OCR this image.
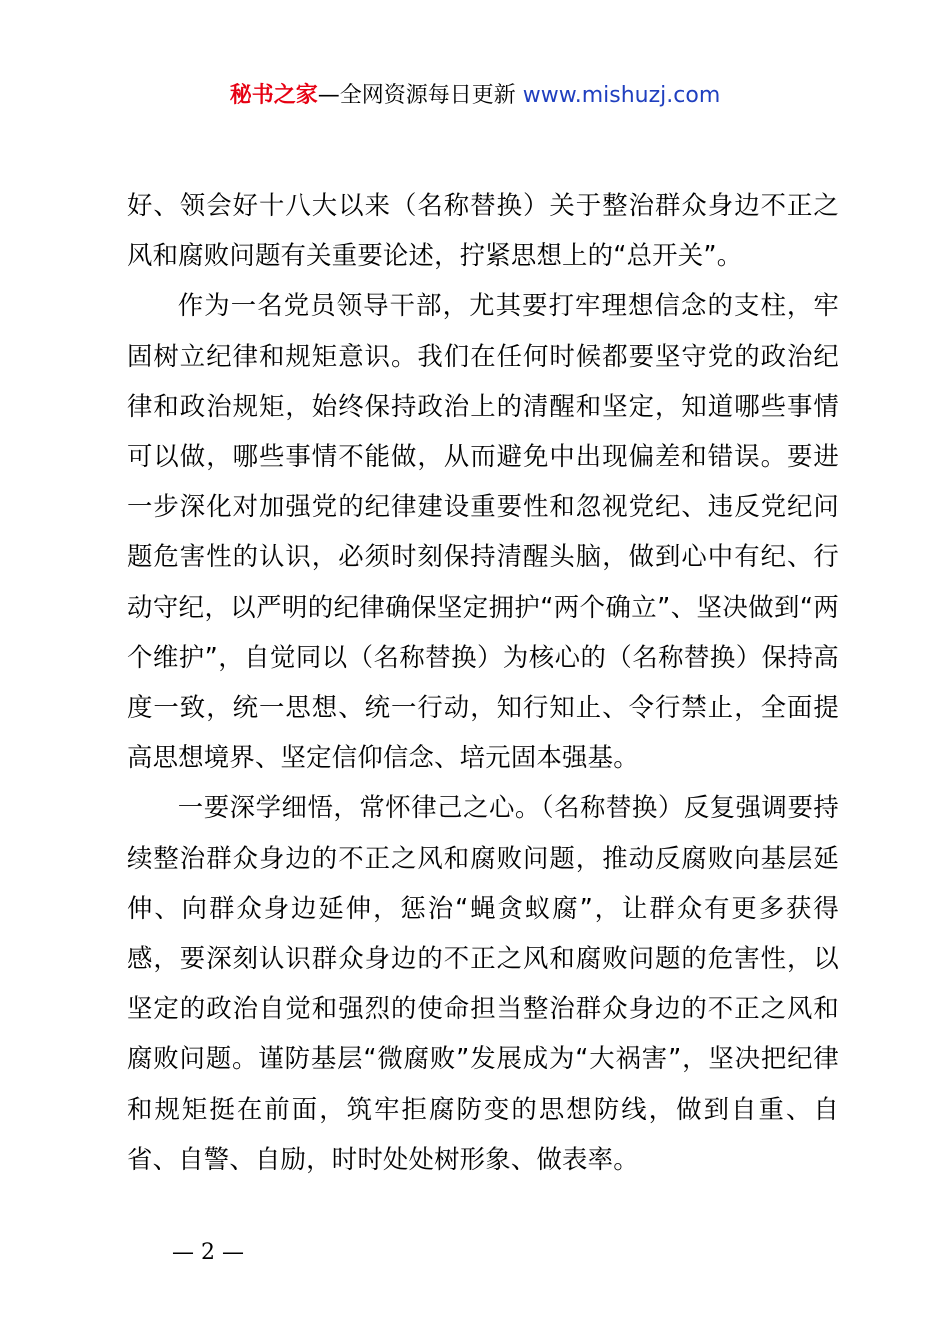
秘书之家—全网资源每日更新 www.mishuzj.com

好、领会好十八大以来（名称替换）关于整治群众身边不正之风和腐败问题有关重要论述，拧紧思想上的“总开关”。

作为一名党员领导干部，尤其要打牢理想信念的支柱，牢固树立纪律和规矩意识。我们在任何时候都要坚守党的政治纪律和政治规矩，始终保持政治上的清醒和坚定，知道哪些事情可以做，哪些事情不能做，从而避免中出现偏差和错误。要进一步深化对加强党的纪律建设重要性和忽视党纪、违反党纪问题危害性的认识，必须时刻保持清醒头脑，做到心中有纪、行动守纪，以严明的纪律确保坚定拥护“两个确立”、坚决做到“两个维护”，自觉同以（名称替换）为核心的（名称替换）保持高度一致，统一思想、统一行动，知行知止、令行禁止，全面提高思想境界、坚定信仰信念、培元固本强基。

一要深学细悟，常怀律己之心。（名称替换）反复强调要持续整治群众身边的不正之风和腐败问题，推动反腐败向基层延伸、向群众身边延伸，惩治“蝇贪蚁腐”，让群众有更多获得感，要深刻认识群众身边的不正之风和腐败问题的危害性，以坚定的政治自觉和强烈的使命担当整治群众身边的不正之风和腐败问题。谨防基层“微腐败”发展成为“大祸害”，坚决把纪律和规矩挺在前面，筑牢拒腐防变的思想防线，做到自重、自省、自警、自励，时时处处树形象、做表率。

— 2 —
